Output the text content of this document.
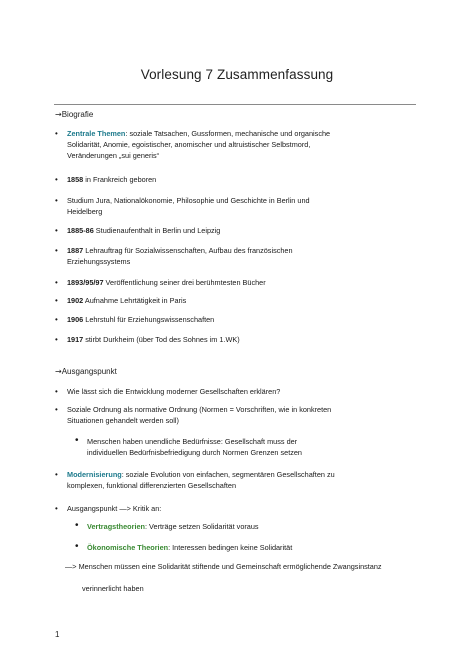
Vorlesung 7 Zusammenfassung
→Biografie
• Zentrale Themen: soziale Tatsachen, Gussformen, mechanische und organische
Solidarität, Anomie, egoistischer, anomischer und altruistischer Selbstmord,
Veränderungen „sui generis“
• 1858 in Frankreich geboren
• Studium Jura, Nationalökonomie, Philosophie und Geschichte in Berlin und
Heidelberg
• 1885-86 Studienaufenthalt in Berlin und Leipzig
• 1887 Lehrauftrag für Sozialwissenschaften, Aufbau des französischen
Erziehungssystems
• 1893/95/97 Veröffentlichung seiner drei berühmtesten Bücher
• 1902 Aufnahme Lehrtätigkeit in Paris
• 1906 Lehrstuhl für Erziehungswissenschaften
• 1917 stirbt Durkheim (über Tod des Sohnes im 1.WK)
→Ausgangspunkt
• Wie lässt sich die Entwicklung moderner Gesellschaften erklären?
• Soziale Ordnung als normative Ordnung (Normen = Vorschriften, wie in konkreten
Situationen gehandelt werden soll)
• Menschen haben unendliche Bedürfnisse: Gesellschaft muss der
individuellen Bedürfnisbefriedigung durch Normen Grenzen setzen
• Modernisierung: soziale Evolution von einfachen, segmentären Gesellschaften zu
komplexen, funktional differenzierten Gesellschaften
• Ausgangspunkt —> Kritik an:
• Vertragstheorien: Verträge setzen Solidarität voraus
• Ökonomische Theorien: Interessen bedingen keine Solidarität
—> Menschen müssen eine Solidarität stiftende und Gemeinschaft ermögliche​nde Zwangsinstanz
verinnerlicht haben
1
